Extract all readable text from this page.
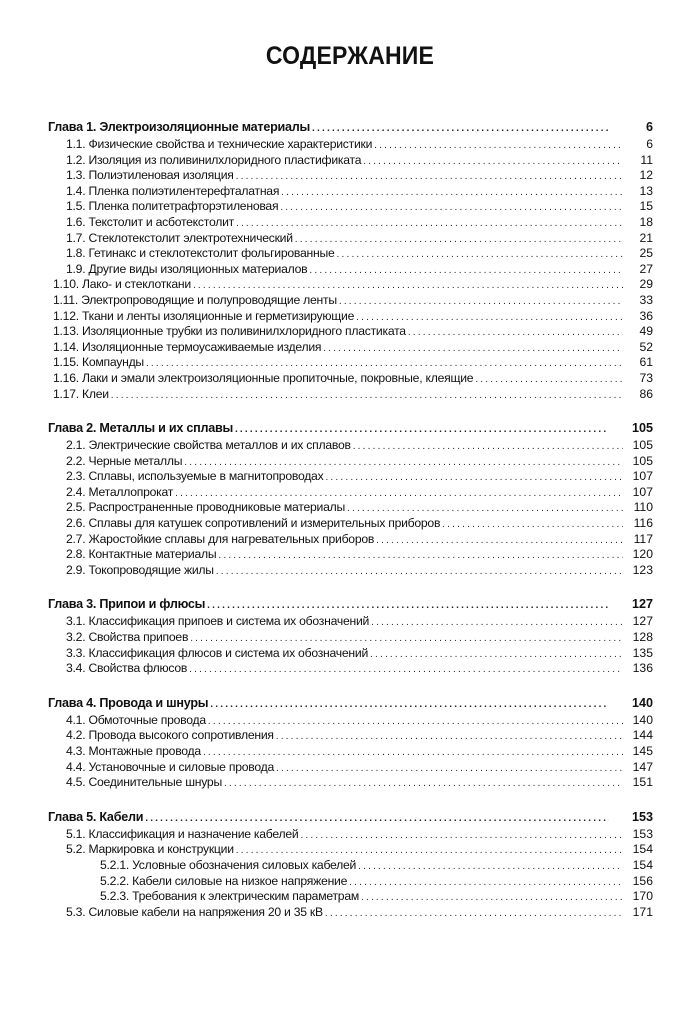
СОДЕРЖАНИЕ
Глава 1. Электроизоляционные материалы .....	6
1.1. Физические свойства и технические характеристики .....	6
1.2. Изоляция из поливинилхлоридного пластификата .....	11
1.3. Полиэтиленовая изоляция .....	12
1.4. Пленка полиэтилентерефталатная .....	13
1.5. Пленка политетрафторэтиленовая .....	15
1.6. Текстолит и асботекстолит .....	18
1.7. Стеклотекстолит электротехнический .....	21
1.8. Гетинакс и стеклотекстолит фольгированные .....	25
1.9. Другие виды изоляционных материалов .....	27
1.10. Лако- и стеклоткани .....	29
1.11. Электропроводящие и полупроводящие ленты .....	33
1.12. Ткани и ленты изоляционные и герметизирующие .....	36
1.13. Изоляционные трубки из поливинилхлоридного пластиката .....	49
1.14. Изоляционные термоусаживаемые изделия .....	52
1.15. Компаунды .....	61
1.16. Лаки и эмали электроизоляционные пропиточные, покровные, клеящие .....	73
1.17. Клеи .....	86
Глава 2. Металлы и их сплавы .....	105
2.1. Электрические свойства металлов и их сплавов .....	105
2.2. Черные металлы .....	105
2.3. Сплавы, используемые в магнитопроводах .....	107
2.4. Металлопрокат .....	107
2.5. Распространенные проводниковые материалы .....	110
2.6. Сплавы для катушек сопротивлений и измерительных приборов .....	116
2.7. Жаростойкие сплавы для нагревательных приборов .....	117
2.8. Контактные материалы .....	120
2.9. Токопроводящие жилы .....	123
Глава 3. Припои и флюсы .....	127
3.1. Классификация припоев и система их обозначений .....	127
3.2. Свойства припоев .....	128
3.3. Классификация флюсов и система их обозначений .....	135
3.4. Свойства флюсов .....	136
Глава 4. Провода и шнуры .....	140
4.1. Обмоточные провода .....	140
4.2. Провода высокого сопротивления .....	144
4.3. Монтажные провода .....	145
4.4. Установочные и силовые провода .....	147
4.5. Соединительные шнуры .....	151
Глава 5. Кабели .....	153
5.1. Классификация и назначение кабелей .....	153
5.2. Маркировка и конструкции .....	154
5.2.1. Условные обозначения силовых кабелей .....	154
5.2.2. Кабели силовые на низкое напряжение .....	156
5.2.3. Требования к электрическим параметрам .....	170
5.3. Силовые кабели на напряжения 20 и 35 кВ .....	171
